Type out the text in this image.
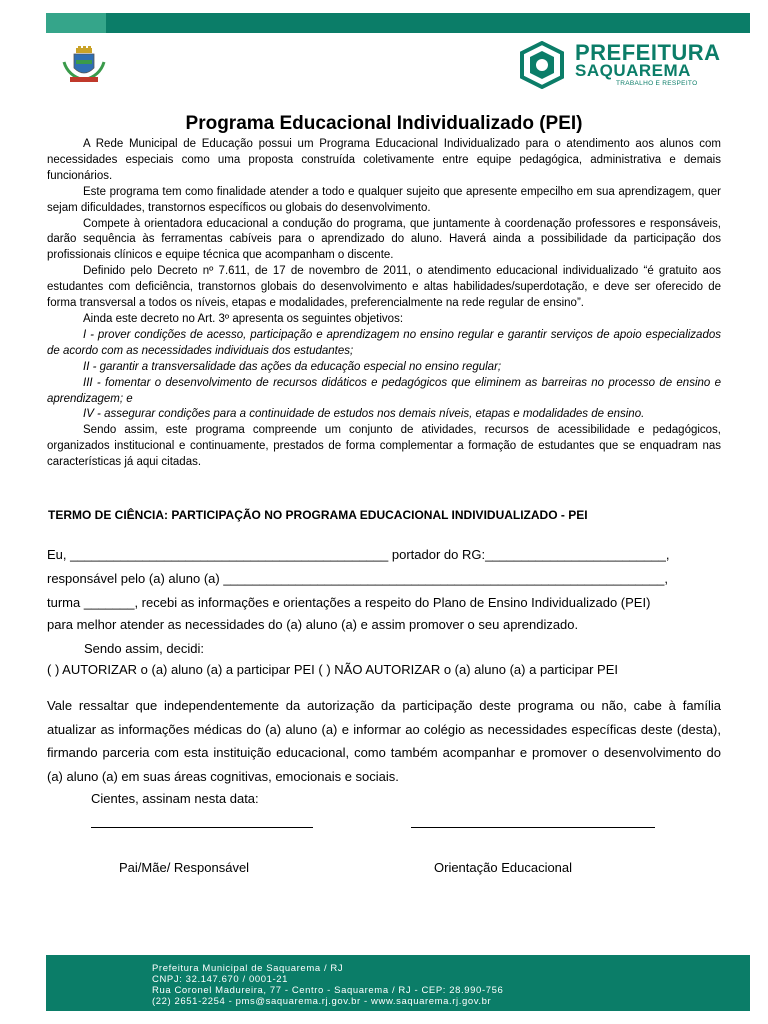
PREFEITURA
SAQUAREMA
TRABALHO E RESPEITO
Programa Educacional Individualizado (PEI)

A Rede Municipal de Educação possui um Programa Educacional Individualizado para o atendimento aos alunos com necessidades especiais como uma proposta construída coletivamente entre equipe pedagógica, administrativa e demais funcionários.

Este programa tem como finalidade atender a todo e qualquer sujeito que apresente empecilho em sua aprendizagem, quer sejam dificuldades, transtornos específicos ou globais do desenvolvimento.

Compete à orientadora educacional a condução do programa, que juntamente à coordenação professores e responsáveis, darão sequência às ferramentas cabíveis para o aprendizado do aluno. Haverá ainda a possibilidade da participação dos profissionais clínicos e equipe técnica que acompanham o discente.

Definido pelo Decreto nº 7.611, de 17 de novembro de 2011, o atendimento educacional individualizado “é gratuito aos estudantes com deficiência, transtornos globais do desenvolvimento e altas habilidades/superdotação, e deve ser oferecido de forma transversal a todos os níveis, etapas e modalidades, preferencialmente na rede regular de ensino”.

Ainda este decreto no Art. 3º apresenta os seguintes objetivos:

I - prover condições de acesso, participação e aprendizagem no ensino regular e garantir serviços de apoio especializados de acordo com as necessidades individuais dos estudantes;

II - garantir a transversalidade das ações da educação especial no ensino regular;

III - fomentar o desenvolvimento de recursos didáticos e pedagógicos que eliminem as barreiras no processo de ensino e aprendizagem; e

IV - assegurar condições para a continuidade de estudos nos demais níveis, etapas e modalidades de ensino.

Sendo assim, este programa compreende um conjunto de atividades, recursos de acessibilidade e pedagógicos, organizados institucional e continuamente, prestados de forma complementar a formação de estudantes que se enquadram nas características já aqui citadas.

TERMO DE CIÊNCIA: PARTICIPAÇÃO NO PROGRAMA EDUCACIONAL INDIVIDUALIZADO - PEI
Eu, ____________________________________________ portador do RG:_________________________,
responsável pelo (a) aluno (a) _____________________________________________________________,
turma _______, recebi as informações e orientações a respeito do Plano de Ensino Individualizado (PEI)
para melhor atender as necessidades do (a) aluno (a) e assim promover o seu aprendizado.
Sendo assim, decidi:
( ) AUTORIZAR o (a) aluno (a) a participar PEI ( ) NÃO AUTORIZAR o (a) aluno (a) a participar PEI
Vale ressaltar que independentemente da autorização da participação deste programa ou não, cabe à família atualizar as informações médicas do (a) aluno (a) e informar ao colégio as necessidades específicas deste (desta), firmando parceria com esta instituição educacional, como também acompanhar e promover o desenvolvimento do (a) aluno (a) em suas áreas cognitivas, emocionais e sociais.
Cientes, assinam nesta data:
Pai/Mãe/ Responsável	Orientação Educacional
Prefeitura Municipal de Saquarema / RJ
CNPJ: 32.147.670 / 0001-21
Rua Coronel Madureira, 77 - Centro - Saquarema / RJ - CEP: 28.990-756
(22) 2651-2254 - pms@saquarema.rj.gov.br - www.saquarema.rj.gov.br
